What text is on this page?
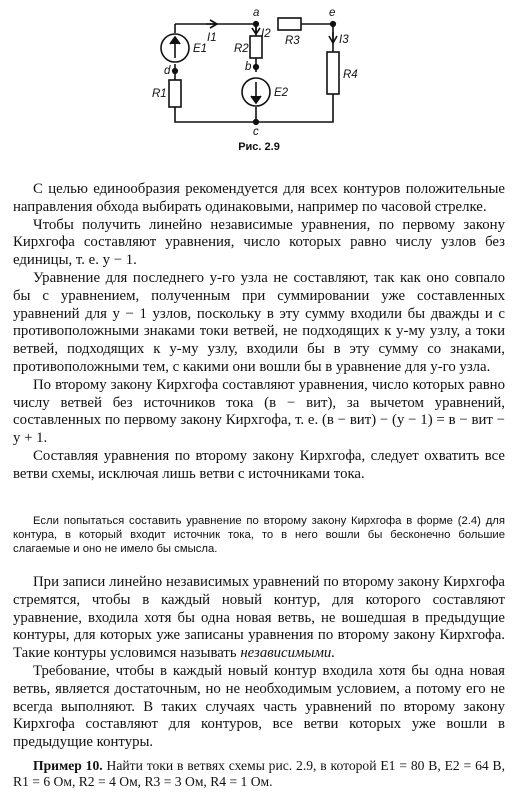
a	e
b
c
d
I1	I2	I3
E1
E2
R1
R2
R3
R4
Рис. 2.9

С целью единообразия рекомендуется для всех контуров положительные направления обхода выбирать одинаковыми, например по часовой стрелке.

Чтобы получить линейно независимые уравнения, по первому закону Кирхгофа составляют уравнения, число которых равно числу узлов без единицы, т. е. y − 1.

Уравнение для последнего y-го узла не составляют, так как оно совпало бы с уравнением, полученным при суммировании уже составленных уравнений для y − 1 узлов, поскольку в эту сумму входили бы дважды и с противоположными знаками токи ветвей, не подходящих к y-му узлу, а токи ветвей, подходящих к y-му узлу, входили бы в эту сумму со знаками, противоположными тем, с какими они вошли бы в уравнение для y-го узла.

По второму закону Кирхгофа составляют уравнения, число которых равно числу ветвей без источников тока (в − вит), за вычетом уравнений, составленных по первому закону Кирхгофа, т. е. (в − вит) − (y − 1) = в − вит − y + 1.

Составляя уравнения по второму закону Кирхгофа, следует охватить все ветви схемы, исключая лишь ветви с источниками тока.

Если попытаться составить уравнение по второму закону Кирхгофа в форме (2.4) для контура, в который входит источник тока, то в него вошли бы бесконечно большие слагаемые и оно не имело бы смысла.

При записи линейно независимых уравнений по второму закону Кирхгофа стремятся, чтобы в каждый новый контур, для которого составляют уравнение, входила хотя бы одна новая ветвь, не вошедшая в предыдущие контуры, для которых уже записаны уравнения по второму закону Кирхгофа. Такие контуры условимся называть независимыми.

Требование, чтобы в каждый новый контур входила хотя бы одна новая ветвь, является достаточным, но не необходимым условием, а потому его не всегда выполняют. В таких случаях часть уравнений по второму закону Кирхгофа составляют для контуров, все ветви которых уже вошли в предыдущие контуры.

Пример 10. Найти токи в ветвях схемы рис. 2.9, в которой E1 = 80 В, E2 = 64 В, R1 = 6 Ом, R2 = 4 Ом, R3 = 3 Ом, R4 = 1 Ом.
